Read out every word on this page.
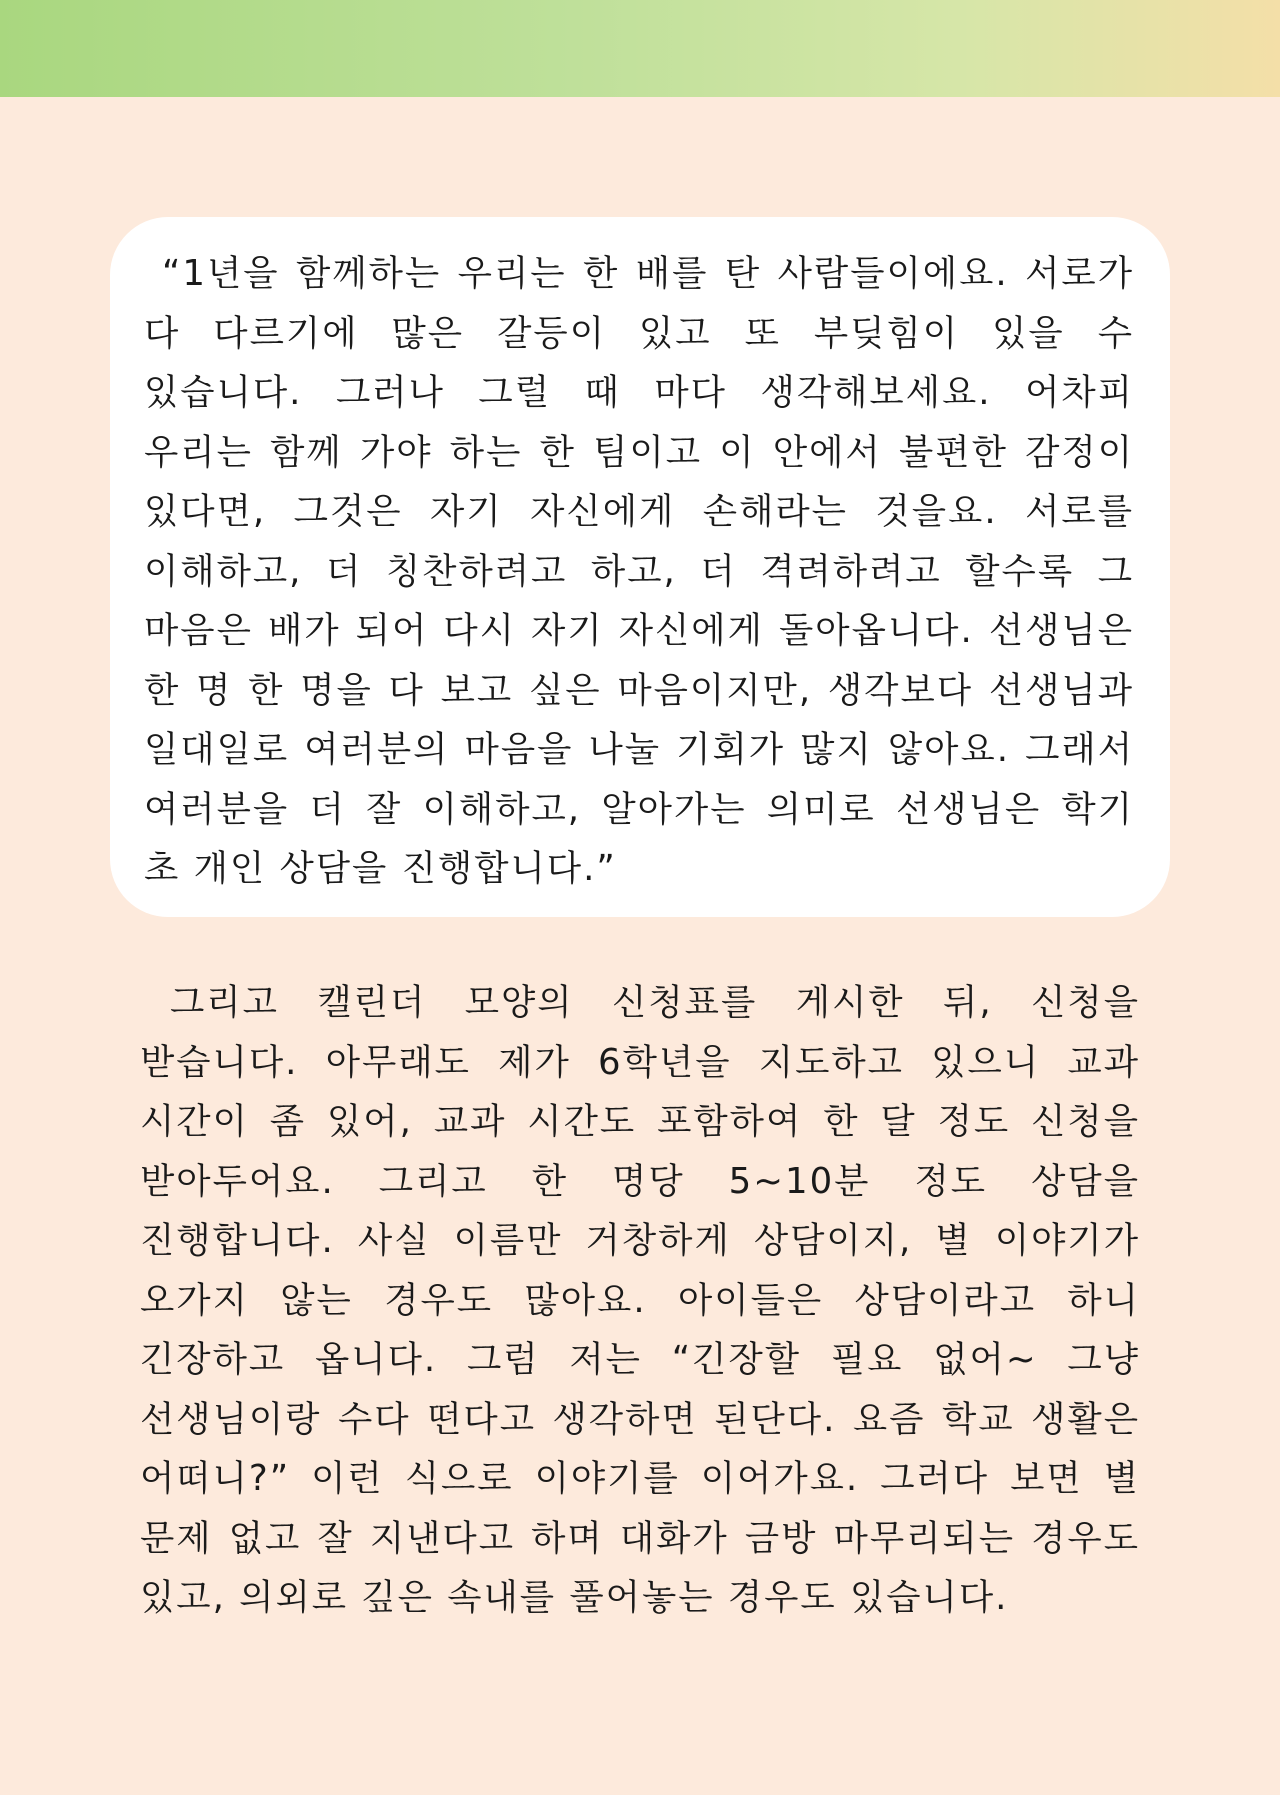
“1년을 함께하는 우리는 한 배를 탄 사람들이에요. 서로가 다 다르기에 많은 갈등이 있고 또 부딪힘이 있을 수 있습니다. 그러나 그럴 때 마다 생각해보세요. 어차피 우리는 함께 가야 하는 한 팀이고 이 안에서 불편한 감정이 있다면, 그것은 자기 자신에게 손해라는 것을요. 서로를 이해하고, 더 칭찬하려고 하고, 더 격려하려고 할수록 그 마음은 배가 되어 다시 자기 자신에게 돌아옵니다. 선생님은 한 명 한 명을 다 보고 싶은 마음이지만, 생각보다 선생님과 일대일로 여러분의 마음을 나눌 기회가 많지 않아요. 그래서 여러분을 더 잘 이해하고, 알아가는 의미로 선생님은 학기 초 개인 상담을 진행합니다.”

그리고 캘린더 모양의 신청표를 게시한 뒤, 신청을 받습니다. 아무래도 제가 6학년을 지도하고 있으니 교과 시간이 좀 있어, 교과 시간도 포함하여 한 달 정도 신청을 받아두어요. 그리고 한 명당 5~10분 정도 상담을 진행합니다. 사실 이름만 거창하게 상담이지, 별 이야기가 오가지 않는 경우도 많아요. 아이들은 상담이라고 하니 긴장하고 옵니다. 그럼 저는 “긴장할 필요 없어~ 그냥 선생님이랑 수다 떤다고 생각하면 된단다. 요즘 학교 생활은 어떠니?” 이런 식으로 이야기를 이어가요. 그러다 보면 별 문제 없고 잘 지낸다고 하며 대화가 금방 마무리되는 경우도 있고, 의외로 깊은 속내를 풀어놓는 경우도 있습니다.
